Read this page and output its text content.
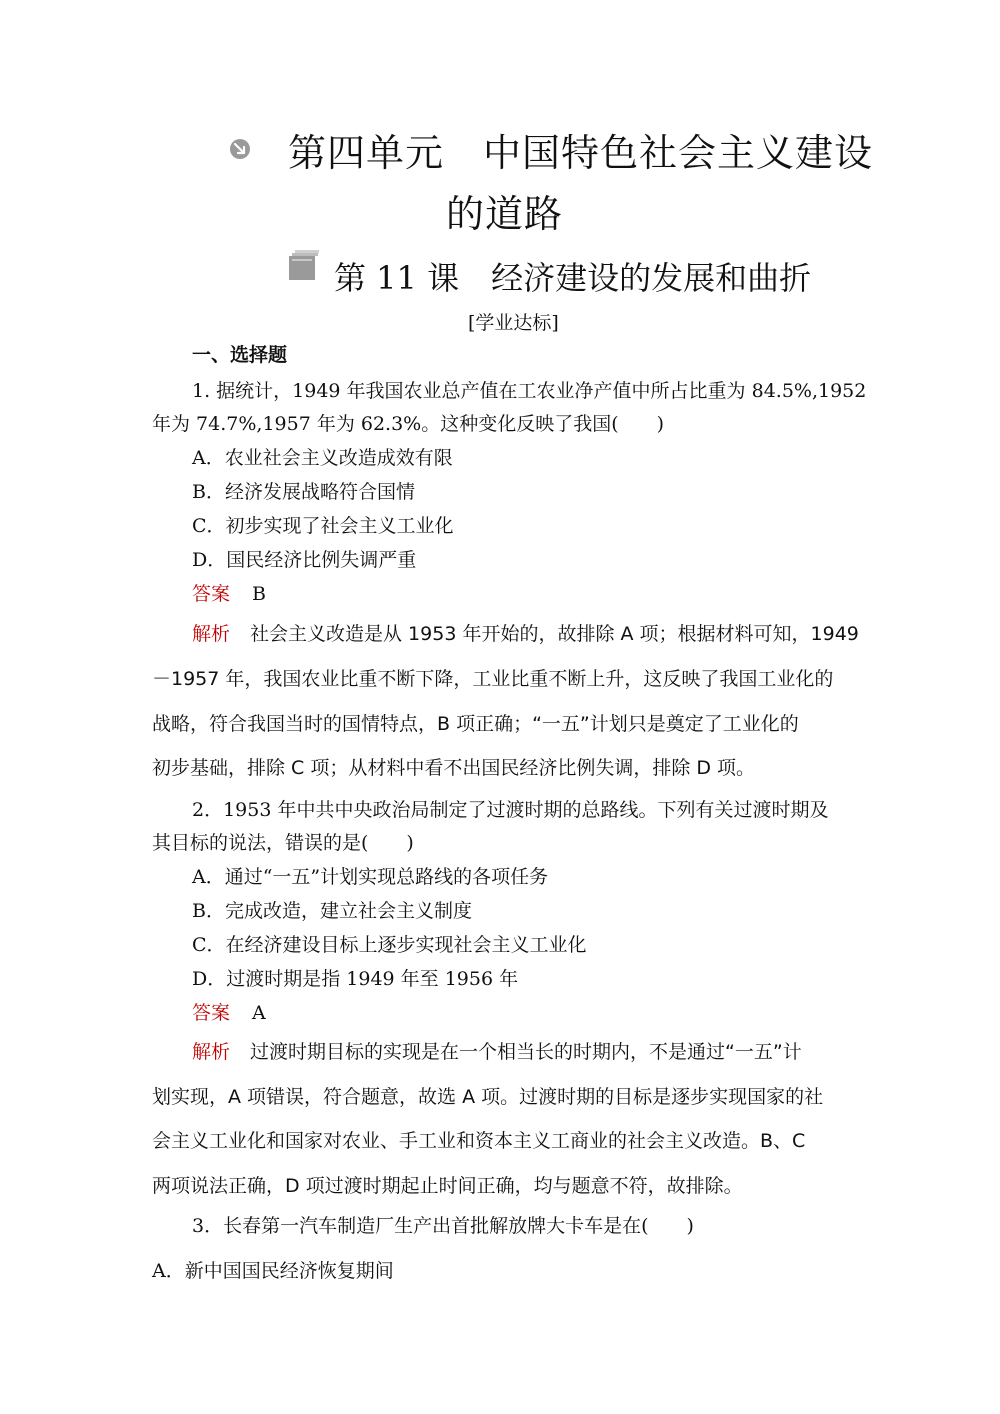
第四单元　中国特色社会主义建设
的道路
第 11 课　经济建设的发展和曲折
[学业达标]
一、选择题
1. 据统计，1949 年我国农业总产值在工农业净产值中所占比重为 84.5%,1952
年为 74.7%,1957 年为 62.3%。这种变化反映了我国(　　)
A．农业社会主义改造成效有限
B．经济发展战略符合国情
C．初步实现了社会主义工业化
D．国民经济比例失调严重
答案 B
解析 社会主义改造是从 1953 年开始的，故排除 A 项；根据材料可知，1949
－1957 年，我国农业比重不断下降，工业比重不断上升，这反映了我国工业化的
战略，符合我国当时的国情特点，B 项正确；“一五”计划只是奠定了工业化的
初步基础，排除 C 项；从材料中看不出国民经济比例失调，排除 D 项。
2．1953 年中共中央政治局制定了过渡时期的总路线。下列有关过渡时期及
其目标的说法，错误的是(　　)
A．通过“一五”计划实现总路线的各项任务
B．完成改造，建立社会主义制度
C．在经济建设目标上逐步实现社会主义工业化
D．过渡时期是指 1949 年至 1956 年
答案 A
解析 过渡时期目标的实现是在一个相当长的时期内，不是通过“一五”计
划实现，A 项错误，符合题意，故选 A 项。过渡时期的目标是逐步实现国家的社
会主义工业化和国家对农业、手工业和资本主义工商业的社会主义改造。B、C
两项说法正确，D 项过渡时期起止时间正确，均与题意不符，故排除。
3．长春第一汽车制造厂生产出首批解放牌大卡车是在(　　)
A．新中国国民经济恢复期间
